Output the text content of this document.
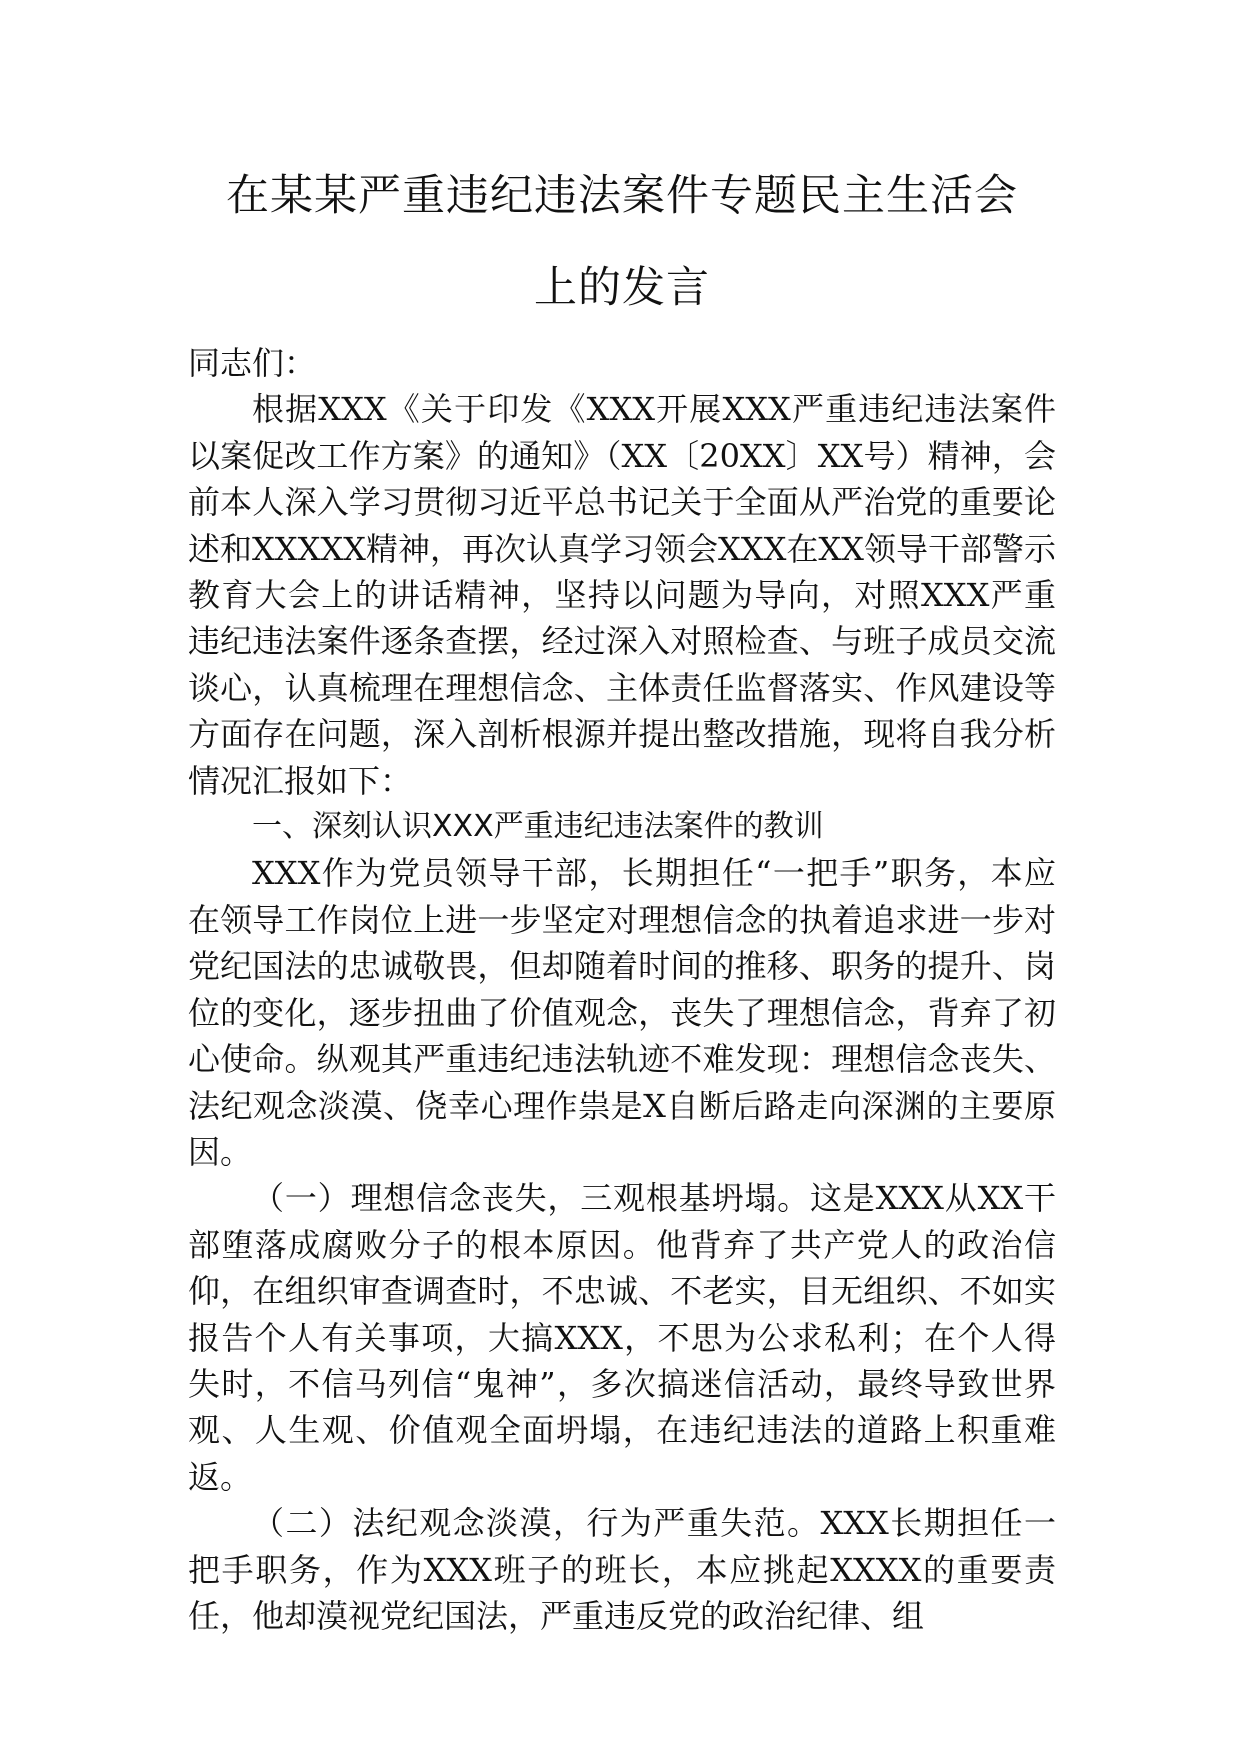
在某某严重违纪违法案件专题民主生活会
上的发言

同志们：

根据XXX《关于印发《XXX开展XXX严重违纪违法案件以案促改工作方案》的通知》（XX〔20XX〕XX号）精神，会前本人深入学习贯彻习近平总书记关于全面从严治党的重要论述和XXXXX精神，再次认真学习领会XXX在XX领导干部警示教育大会上的讲话精神，坚持以问题为导向，对照XXX严重违纪违法案件逐条查摆，经过深入对照检查、与班子成员交流谈心，认真梳理在理想信念、主体责任监督落实、作风建设等方面存在问题，深入剖析根源并提出整改措施，现将自我分析情况汇报如下：

一、深刻认识XXX严重违纪违法案件的教训

XXX作为党员领导干部，长期担任“一把手”职务，本应在领导工作岗位上进一步坚定对理想信念的执着追求进一步对党纪国法的忠诚敬畏，但却随着时间的推移、职务的提升、岗位的变化，逐步扭曲了价值观念，丧失了理想信念，背弃了初心使命。纵观其严重违纪违法轨迹不难发现：理想信念丧失、法纪观念淡漠、侥幸心理作祟是X自断后路走向深渊的主要原因。

（一）理想信念丧失，三观根基坍塌。这是XXX从XX干部堕落成腐败分子的根本原因。他背弃了共产党人的政治信仰，在组织审查调查时，不忠诚、不老实，目无组织、不如实报告个人有关事项，大搞XXX，不思为公求私利；在个人得失时，不信马列信“鬼神”，多次搞迷信活动，最终导致世界观、人生观、价值观全面坍塌，在违纪违法的道路上积重难返。

（二）法纪观念淡漠，行为严重失范。XXX长期担任一把手职务，作为XXX班子的班长，本应挑起XXXX的重要责任，他却漠视党纪国法，严重违反党的政治纪律、组
